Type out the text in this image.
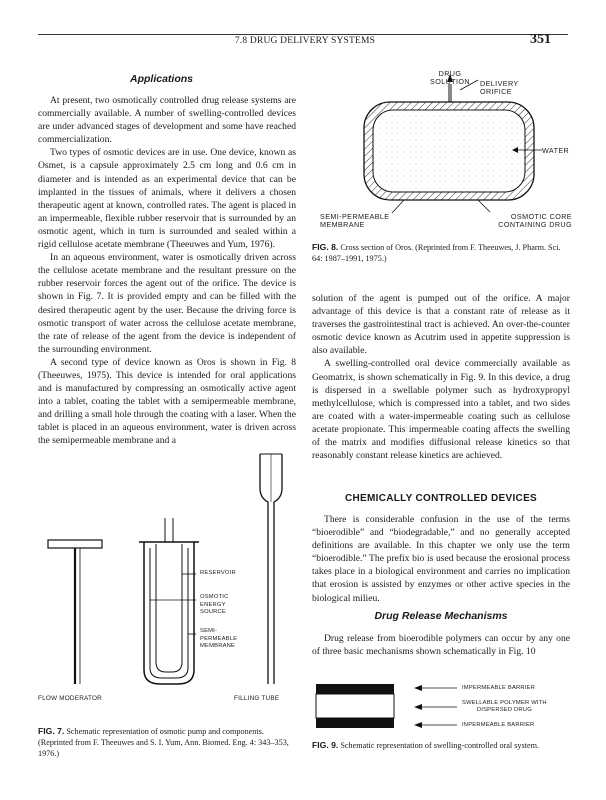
7.8 DRUG DELIVERY SYSTEMS	351
Applications

At present, two osmotically controlled drug release systems are commercially available. A number of swelling-controlled devices are under advanced stages of development and some have reached commercialization.

Two types of osmotic devices are in use. One device, known as Osmet, is a capsule approximately 2.5 cm long and 0.6 cm in diameter and is intended as an experimental device that can be implanted in the tissues of animals, where it delivers a chosen therapeutic agent at known, controlled rates. The agent is placed in an impermeable, flexible rubber reservoir that is surrounded by an osmotic agent, which in turn is surrounded and sealed within a rigid cellulose acetate membrane (Theeuwes and Yum, 1976).

In an aqueous environment, water is osmotically driven across the cellulose acetate membrane and the resultant pressure on the rubber reservoir forces the agent out of the orifice. The device is shown in Fig. 7. It is provided empty and can be filled with the desired therapeutic agent by the user. Because the driving force is osmotic transport of water across the cellulose acetate membrane, the rate of release of the agent from the device is independent of the surrounding environment.

A second type of device known as Oros is shown in Fig. 8 (Theeuwes, 1975). This device is intended for oral applications and is manufactured by compressing an osmotically active agent into a tablet, coating the tablet with a semipermeable membrane, and drilling a small hole through the coating with a laser. When the tablet is placed in an aqueous environment, water is driven across the semipermeable membrane and a

DRUG SOLUTION	DELIVERY ORIFICE
WATER
SEMI-PERMEABLE MEMBRANE
OSMOTIC CORE CONTAINING DRUG
FIG. 8. Cross section of Oros. (Reprinted from F. Theeuwes, J. Pharm. Sci. 64: 1987–1991, 1975.)

solution of the agent is pumped out of the orifice. A major advantage of this device is that a constant rate of release as it traverses the gastrointestinal tract is achieved. An over-the-counter osmotic device known as Acutrim used in appetite suppression is also available.

A swelling-controlled oral device commercially available as Geomatrix, is shown schematically in Fig. 9. In this device, a drug is dispersed in a swellable polymer such as hydroxypropyl methylcellulose, which is compressed into a tablet, and two sides are coated with a water-impermeable coating such as cellulose acetate propionate. This impermeable coating affects the swelling of the matrix and modifies diffusional release kinetics so that reasonably constant release kinetics are achieved.

CHEMICALLY CONTROLLED DEVICES

There is considerable confusion in the use of the terms “bioerodible” and “biodegradable,” and no generally accepted definitions are available. In this chapter we only use the term “bioerodible.” The prefix bio is used because the erosional process takes place in a biological environment and carries no implication that erosion is assisted by enzymes or other active species in the biological milieu.

Drug Release Mechanisms

Drug release from bioerodible polymers can occur by any one of three basic mechanisms shown schematically in Fig. 10

RESERVOIR
OSMOTIC
ENERGY
SOURCE
SEMI-
PERMEABLE
MEMBRANE
FLOW MODERATOR	FILLING TUBE
FIG. 7. Schematic representation of osmotic pump and components. (Reprinted from F. Theeuwes and S. I. Yum, Ann. Biomed. Eng. 4: 343–353, 1976.)
IMPERMEABLE BARRIER
SWELLABLE POLYMER WITH
DISPERSED DRUG
INPERMEABLE BARRIER
FIG. 9. Schematic representation of swelling-controlled oral system.
